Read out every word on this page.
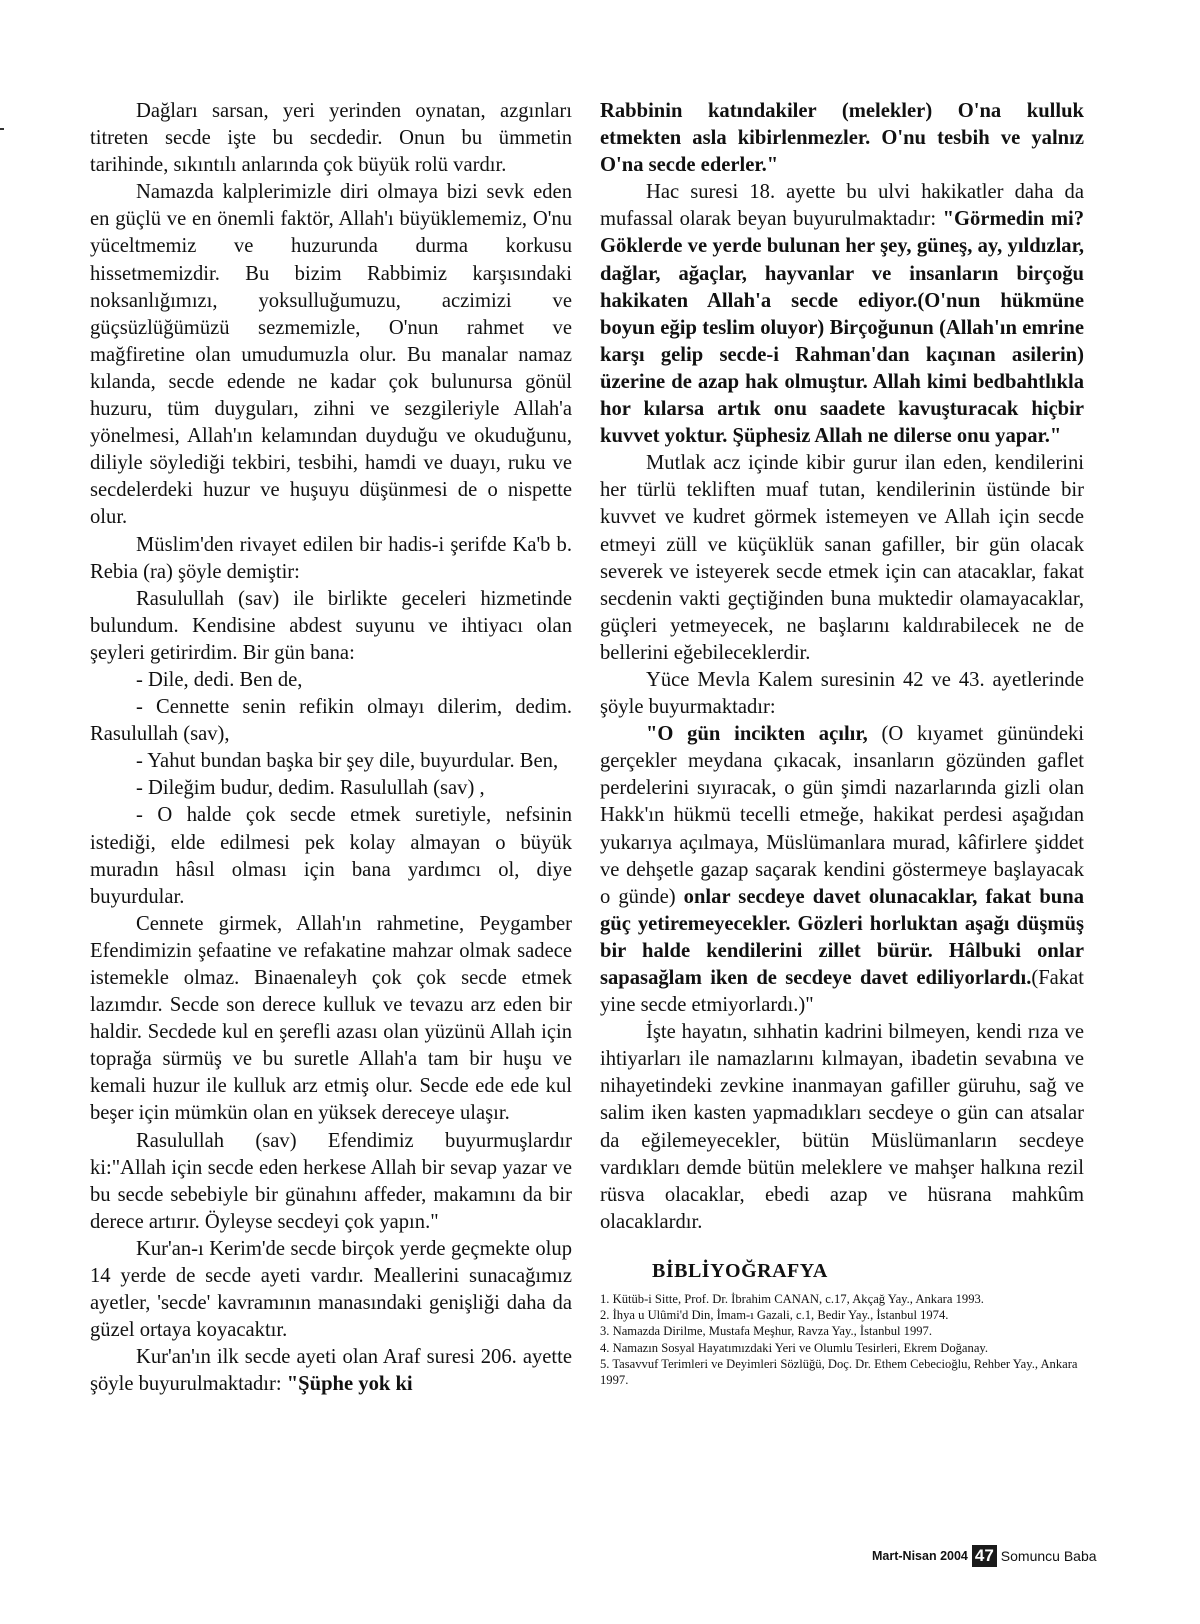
Dağları sarsan, yeri yerinden oynatan, azgınları titreten secde işte bu secdedir. Onun bu ümmetin tarihinde, sıkıntılı anlarında çok büyük rolü vardır.

Namazda kalplerimizle diri olmaya bizi sevk eden en güçlü ve en önemli faktör, Allah'ı büyüklememiz, O'nu yüceltmemiz ve huzurunda durma korkusu hissetmemizdir. Bu bizim Rabbimiz karşısındaki noksanlığımızı, yoksulluğumuzu, aczimizi ve güçsüzlüğümüzü sezmemizle, O'nun rahmet ve mağfiretine olan umudumuzla olur. Bu manalar namaz kılanda, secde edende ne kadar çok bulunursa gönül huzuru, tüm duyguları, zihni ve sezgileriyle Allah'a yönelmesi, Allah'ın kelamından duyduğu ve okuduğunu, diliyle söylediği tekbiri, tesbihi, hamdi ve duayı, ruku ve secdelerdeki huzur ve huşuyu düşünmesi de o nispette olur.

Müslim'den rivayet edilen bir hadis-i şerifde Ka'b b. Rebia (ra) şöyle demiştir:

Rasulullah (sav) ile birlikte geceleri hizmetinde bulundum. Kendisine abdest suyunu ve ihtiyacı olan şeyleri getirirdim. Bir gün bana:

- Dile, dedi. Ben de,

- Cennette senin refikin olmayı dilerim, dedim. Rasulullah (sav),

- Yahut bundan başka bir şey dile, buyurdular. Ben,

- Dileğim budur, dedim. Rasulullah (sav) ,

- O halde çok secde etmek suretiyle, nefsinin istediği, elde edilmesi pek kolay almayan o büyük muradın hâsıl olması için bana yardımcı ol, diye buyurdular.

Cennete girmek, Allah'ın rahmetine, Peygamber Efendimizin şefaatine ve refakatine mahzar olmak sadece istemekle olmaz. Binaenaleyh çok çok secde etmek lazımdır. Secde son derece kulluk ve tevazu arz eden bir haldir. Secdede kul en şerefli azası olan yüzünü Allah için toprağa sürmüş ve bu suretle Allah'a tam bir huşu ve kemali huzur ile kulluk arz etmiş olur. Secde ede ede kul beşer için mümkün olan en yüksek dereceye ulaşır.

Rasulullah (sav) Efendimiz buyurmuşlardır ki:"Allah için secde eden herkese Allah bir sevap yazar ve bu secde sebebiyle bir günahını affeder, makamını da bir derece artırır. Öyleyse secdeyi çok yapın."

Kur'an-ı Kerim'de secde birçok yerde geçmekte olup 14 yerde de secde ayeti vardır. Meallerini sunacağımız ayetler, 'secde' kavramının manasındaki genişliği daha da güzel ortaya koyacaktır.

Kur'an'ın ilk secde ayeti olan Araf suresi 206. ayette şöyle buyurulmaktadır: "Şüphe yok ki

Rabbinin katındakiler (melekler) O'na kulluk etmekten asla kibirlenmezler. O'nu tesbih ve yalnız O'na secde ederler."

Hac suresi 18. ayette bu ulvi hakikatler daha da mufassal olarak beyan buyurulmaktadır: "Görmedin mi? Göklerde ve yerde bulunan her şey, güneş, ay, yıldızlar, dağlar, ağaçlar, hayvanlar ve insanların birçoğu hakikaten Allah'a secde ediyor.(O'nun hükmüne boyun eğip teslim oluyor) Birçoğunun (Allah'ın emrine karşı gelip secde-i Rahman'dan kaçınan asilerin) üzerine de azap hak olmuştur. Allah kimi bedbahtlıkla hor kılarsa artık onu saadete kavuşturacak hiçbir kuvvet yoktur. Şüphesiz Allah ne dilerse onu yapar."

Mutlak acz içinde kibir gurur ilan eden, kendilerini her türlü tekliften muaf tutan, kendilerinin üstünde bir kuvvet ve kudret görmek istemeyen ve Allah için secde etmeyi züll ve küçüklük sanan gafiller, bir gün olacak severek ve isteyerek secde etmek için can atacaklar, fakat secdenin vakti geçtiğinden buna muktedir olamayacaklar, güçleri yetmeyecek, ne başlarını kaldırabilecek ne de bellerini eğebileceklerdir.

Yüce Mevla Kalem suresinin 42 ve 43. ayetlerinde şöyle buyurmaktadır:

"O gün incikten açılır, (O kıyamet günündeki gerçekler meydana çıkacak, insanların gözünden gaflet perdelerini sıyıracak, o gün şimdi nazarlarında gizli olan Hakk'ın hükmü tecelli etmeğe, hakikat perdesi aşağıdan yukarıya açılmaya, Müslümanlara murad, kâfirlere şiddet ve dehşetle gazap saçarak kendini göstermeye başlayacak o günde) onlar secdeye davet olunacaklar, fakat buna güç yetiremeyecekler. Gözleri horluktan aşağı düşmüş bir halde kendilerini zillet bürür. Hâlbuki onlar sapasağlam iken de secdeye davet ediliyorlardı.(Fakat yine secde etmiyorlardı.)"

İşte hayatın, sıhhatin kadrini bilmeyen, kendi rıza ve ihtiyarları ile namazlarını kılmayan, ibadetin sevabına ve nihayetindeki zevkine inanmayan gafiller güruhu, sağ ve salim iken kasten yapmadıkları secdeye o gün can atsalar da eğilemeyecekler, bütün Müslümanların secdeye vardıkları demde bütün meleklere ve mahşer halkına rezil rüsva olacaklar, ebedi azap ve hüsrana mahkûm olacaklardır.

BİBLİYOĞRAFYA
1. Kütüb-i Sitte, Prof. Dr. İbrahim CANAN, c.17, Akçağ Yay., Ankara 1993.
2. İhya u Ulûmi'd Din, İmam-ı Gazali, c.1, Bedir Yay., İstanbul 1974.
3. Namazda Dirilme, Mustafa Meşhur, Ravza Yay., İstanbul 1997.
4. Namazın Sosyal Hayatımızdaki Yeri ve Olumlu Tesirleri, Ekrem Doğanay.
5. Tasavvuf Terimleri ve Deyimleri Sözlüğü, Doç. Dr. Ethem Cebecioğlu, Rehber Yay., Ankara 1997.
Mart-Nisan 2004 47 Somuncu Baba
